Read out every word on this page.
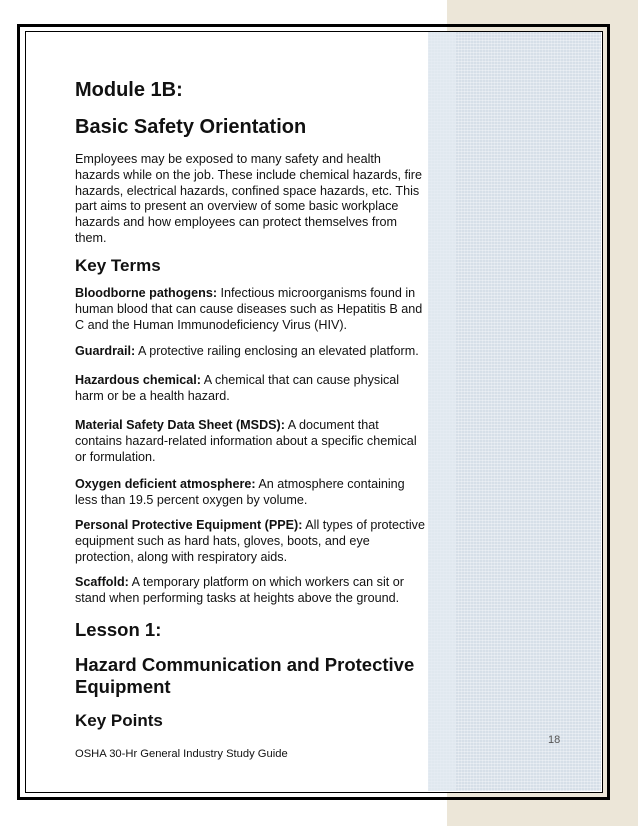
Module 1B:
Basic Safety Orientation

Employees may be exposed to many safety and health hazards while on the job. These include chemical hazards, fire hazards, electrical hazards, confined space hazards, etc. This part aims to present an overview of some basic workplace hazards and how employees can protect themselves from them.

Key Terms

Bloodborne pathogens: Infectious microorganisms found in human blood that can cause diseases such as Hepatitis B and C and the Human Immunodeficiency Virus (HIV).

Guardrail: A protective railing enclosing an elevated platform.

Hazardous chemical: A chemical that can cause physical harm or be a health hazard.

Material Safety Data Sheet (MSDS): A document that contains hazard-related information about a specific chemical or formulation.

Oxygen deficient atmosphere: An atmosphere containing less than 19.5 percent oxygen by volume.

Personal Protective Equipment (PPE): All types of protective equipment such as hard hats, gloves, boots, and eye protection, along with respiratory aids.

Scaffold: A temporary platform on which workers can sit or stand when performing tasks at heights above the ground.

Lesson 1:
Hazard Communication and Protective Equipment
Key Points
18
OSHA 30-Hr General Industry Study Guide
